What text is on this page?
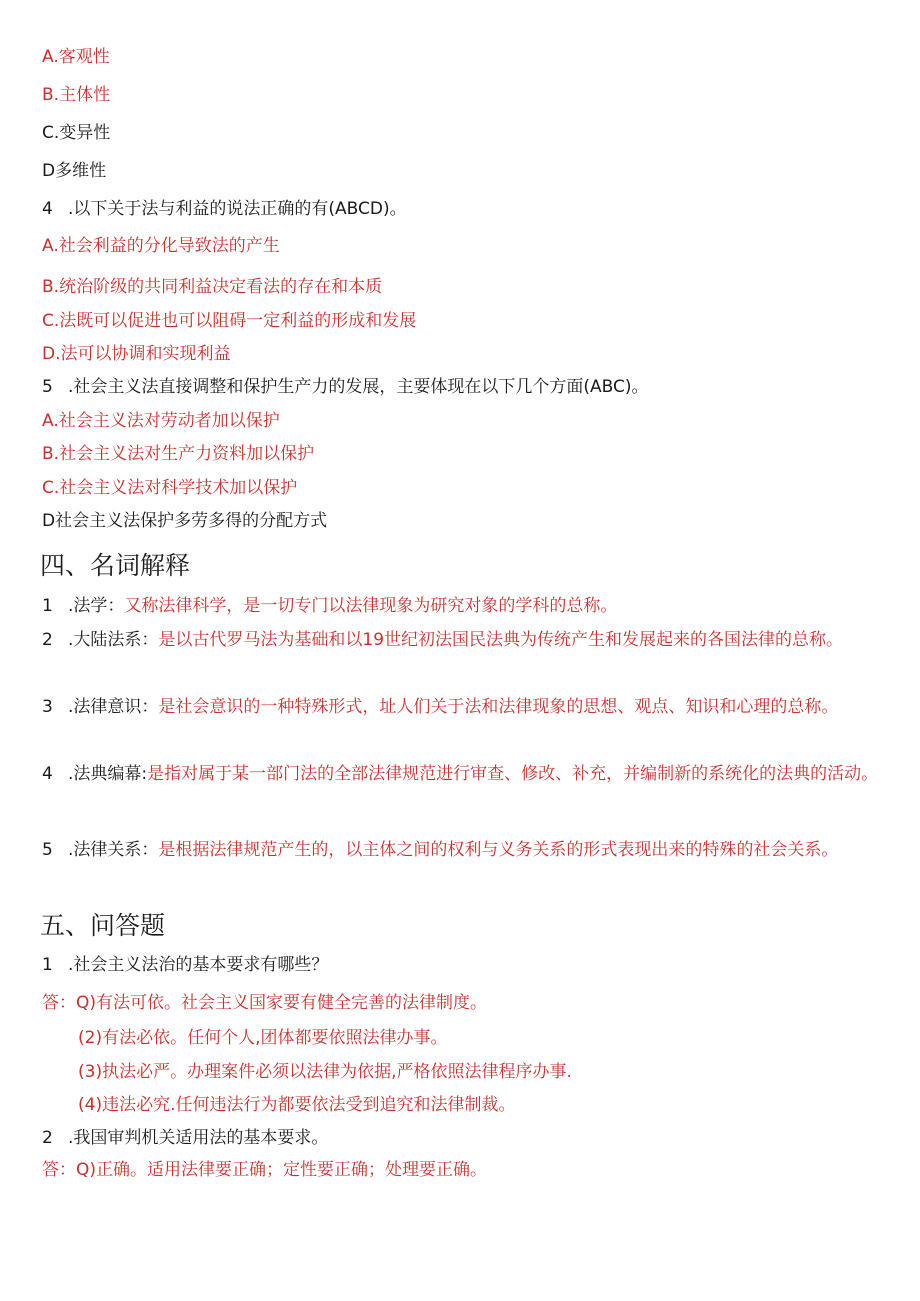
A.客观性
B.主体性
C.变异性
D多维性
4 .以下关于法与利益的说法正确的有(ABCD)。
A.社会利益的分化导致法的产生
B.统治阶级的共同利益决定看法的存在和本质
C.法既可以促进也可以阻碍一定利益的形成和发展
D.法可以协调和实现利益
5 .社会主义法直接调整和保护生产力的发展，主要体现在以下几个方面(ABC)。
A.社会主义法对劳动者加以保护
B.社会主义法对生产力资料加以保护
C.社会主义法对科学技术加以保护
D社会主义法保护多劳多得的分配方式
四、名词解释
1 .法学：又称法律科学，是一切专门以法律现象为研究对象的学科的总称。
2 .大陆法系：是以古代罗马法为基础和以19世纪初法国民法典为传统产生和发展起来的各国法律的总称。
3 .法律意识：是社会意识的一种特殊形式，址人们关于法和法律现象的思想、观点、知识和心理的总称。
4 .法典编幕:是指对属于某一部门法的全部法律规范进行审查、修改、补充，并编制新的系统化的法典的活动。
5 .法律关系：是根据法律规范产生的，以主体之间的权利与义务关系的形式表现出来的特殊的社会关系。
五、问答题
1 .社会主义法治的基本要求有哪些？
答：Q)有法可依。社会主义国家要有健全完善的法律制度。
(2)有法必依。任何个人,团体都要依照法律办事。
(3)执法必严。办理案件必须以法律为依据,严格依照法律程序办事.
(4)违法必究.任何违法行为都要依法受到追究和法律制裁。
2 .我国审判机关适用法的基本要求。
答：Q)正确。适用法律要正确；定性要正确；处理要正确。
